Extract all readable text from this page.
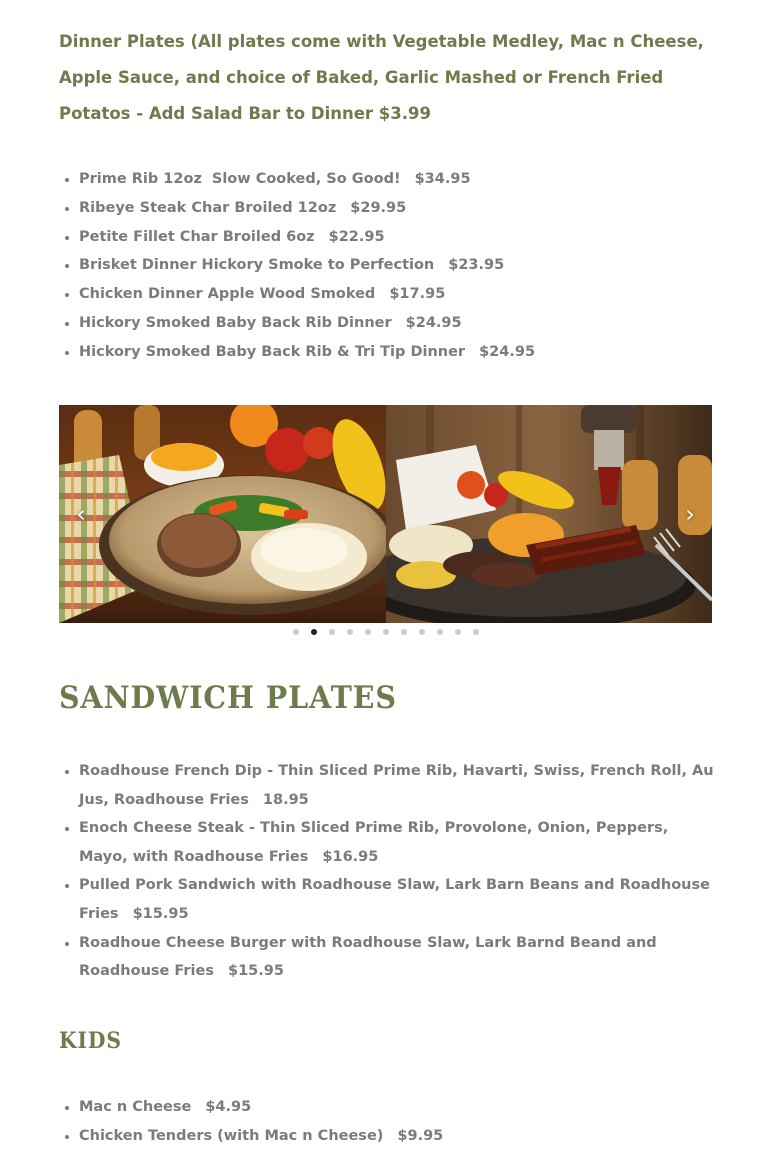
Dinner Plates (All plates come with Vegetable Medley, Mac n Cheese, Apple Sauce, and choice of Baked, Garlic Mashed or French Fried Potatos - Add Salad Bar to Dinner $3.99

• Prime Rib 12oz Slow Cooked, So Good! $34.95
• Ribeye Steak Char Broiled 12oz $29.95
• Petite Fillet Char Broiled 6oz $22.95
• Brisket Dinner Hickory Smoke to Perfection $23.95
• Chicken Dinner Apple Wood Smoked $17.95
• Hickory Smoked Baby Back Rib Dinner $24.95
• Hickory Smoked Baby Back Rib & Tri Tip Dinner $24.95
‹	›
SANDWICH PLATES
• Roadhouse French Dip - Thin Sliced Prime Rib, Havarti, Swiss, French Roll, Au Jus, Roadhouse Fries 18.95
• Enoch Cheese Steak - Thin Sliced Prime Rib, Provolone, Onion, Peppers, Mayo, with Roadhouse Fries $16.95
• Pulled Pork Sandwich with Roadhouse Slaw, Lark Barn Beans and Roadhouse Fries $15.95
• Roadhoue Cheese Burger with Roadhouse Slaw, Lark Barnd Beand and Roadhouse Fries $15.95
KIDS
• Mac n Cheese $4.95
• Chicken Tenders (with Mac n Cheese) $9.95
